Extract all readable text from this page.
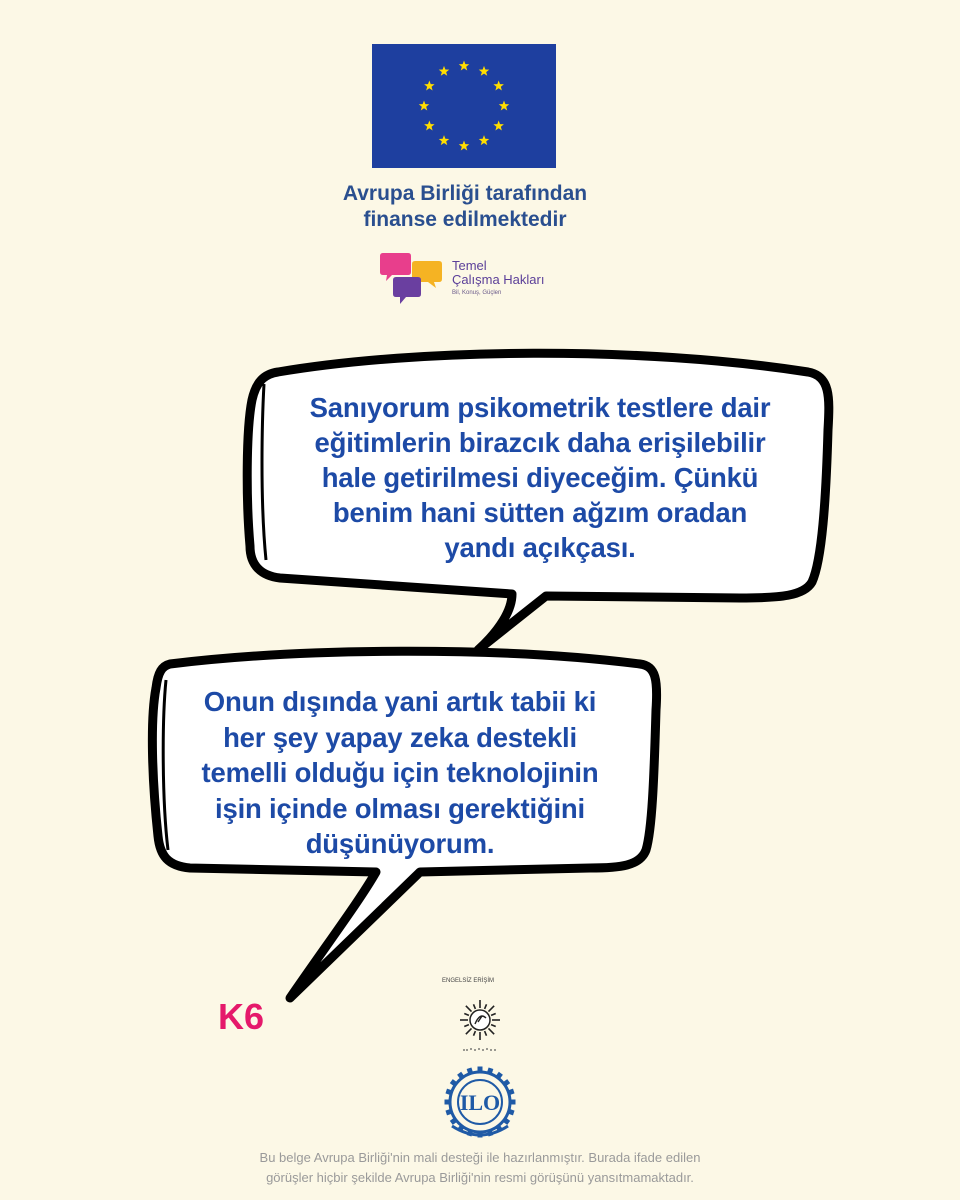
Avrupa Birliği tarafından
finanse edilmektedir
Temel
Çalışma Hakları
Bil, Konuş, Güçlen
Sanıyorum psikometrik testlere dair
eğitimlerin birazcık daha erişilebilir
hale getirilmesi diyeceğim. Çünkü
benim hani sütten ağzım oradan
yandı açıkçası.
Onun dışında yani artık tabii ki
her şey yapay zeka destekli
temelli olduğu için teknolojinin
işin içinde olması gerektiğini
düşünüyorum.
K6
ENGELSİZ ERİŞİM
ILO
Bu belge Avrupa Birliği'nin mali desteği ile hazırlanmıştır. Burada ifade edilen
görüşler hiçbir şekilde Avrupa Birliği'nin resmi görüşünü yansıtmamaktadır.
